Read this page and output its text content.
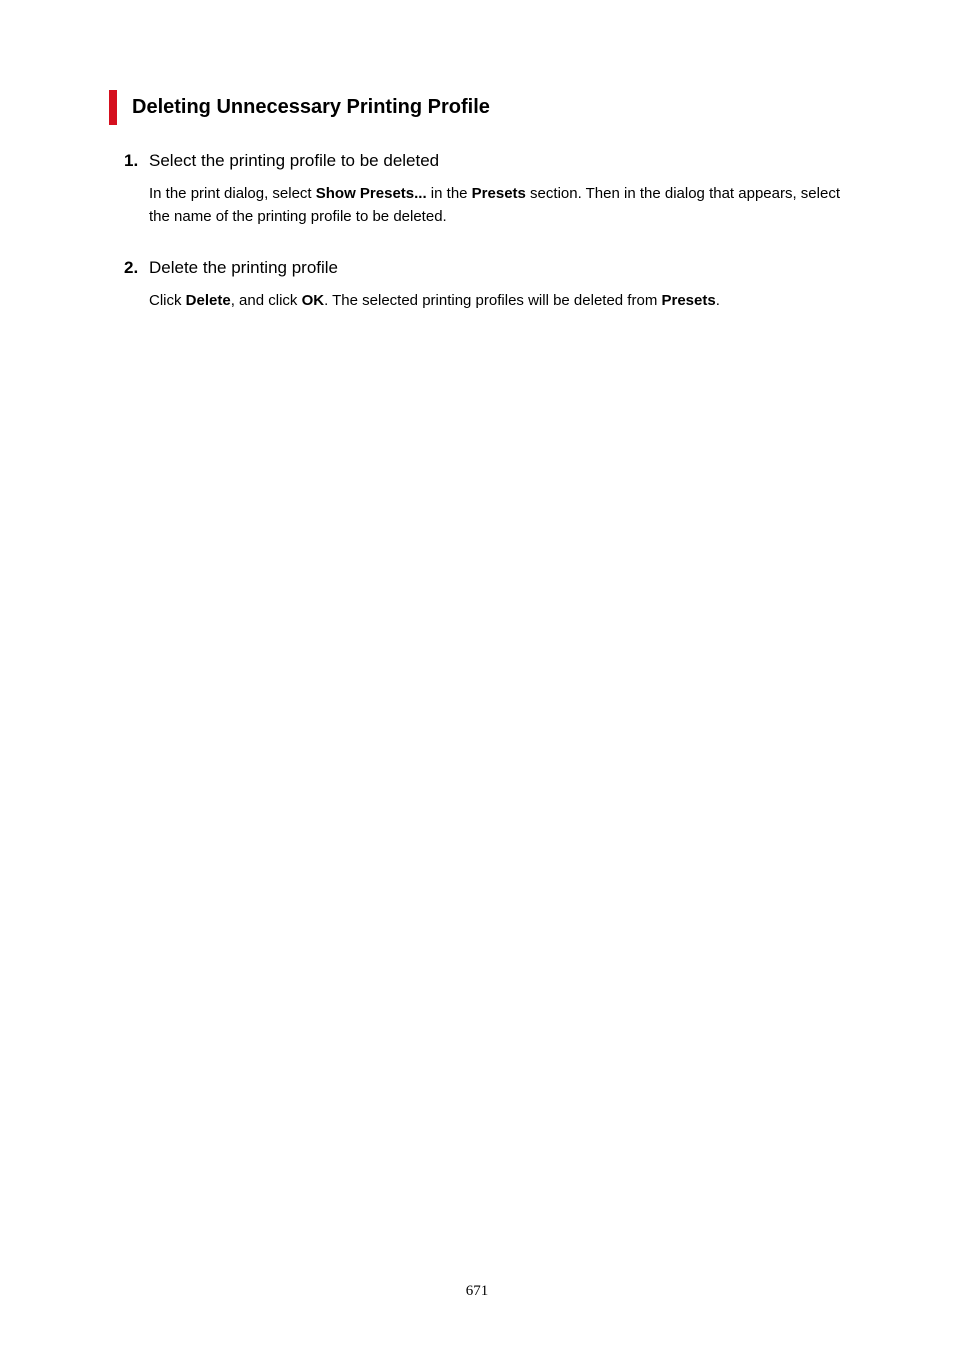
Deleting Unnecessary Printing Profile
1. Select the printing profile to be deleted
In the print dialog, select Show Presets... in the Presets section. Then in the dialog that appears, select the name of the printing profile to be deleted.
2. Delete the printing profile
Click Delete, and click OK. The selected printing profiles will be deleted from Presets.
671
